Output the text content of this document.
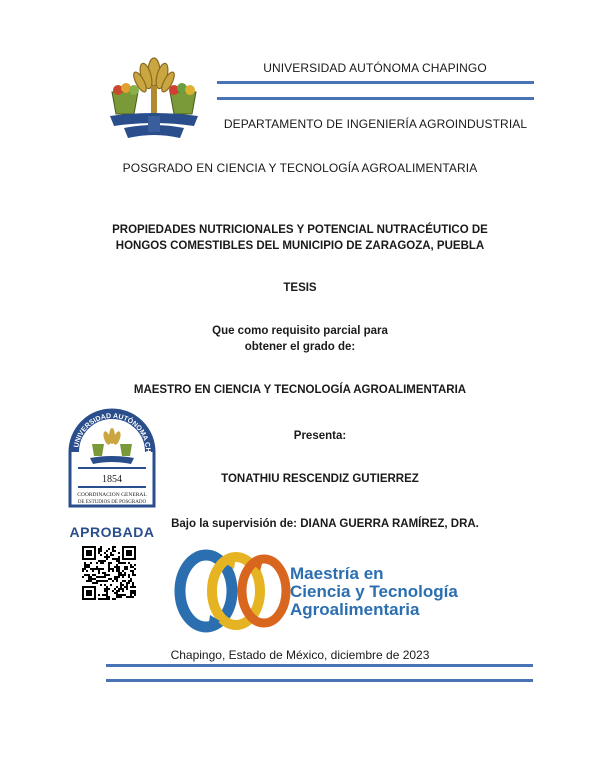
UNIVERSIDAD AUTÓNOMA CHAPINGO
DEPARTAMENTO DE INGENIERÍA AGROINDUSTRIAL
POSGRADO EN CIENCIA Y TECNOLOGÍA AGROALIMENTARIA
PROPIEDADES NUTRICIONALES Y POTENCIAL NUTRACÉUTICO DE
HONGOS COMESTIBLES DEL MUNICIPIO DE ZARAGOZA, PUEBLA
TESIS
Que como requisito parcial para
obtener el grado de:
MAESTRO EN CIENCIA Y TECNOLOGÍA AGROALIMENTARIA
Presenta:
TONATHIU RESCENDIZ GUTIERREZ
Bajo la supervisión de: DIANA GUERRA RAMÍREZ, DRA.
UNIVERSIDAD AUTÓNOMA CH
1854
COORDINACION GENERAL
DE ESTUDIOS DE POSGRADO
APROBADA
Maestría en
Ciencia y Tecnología
Agroalimentaria
Chapingo, Estado de México, diciembre de 2023
